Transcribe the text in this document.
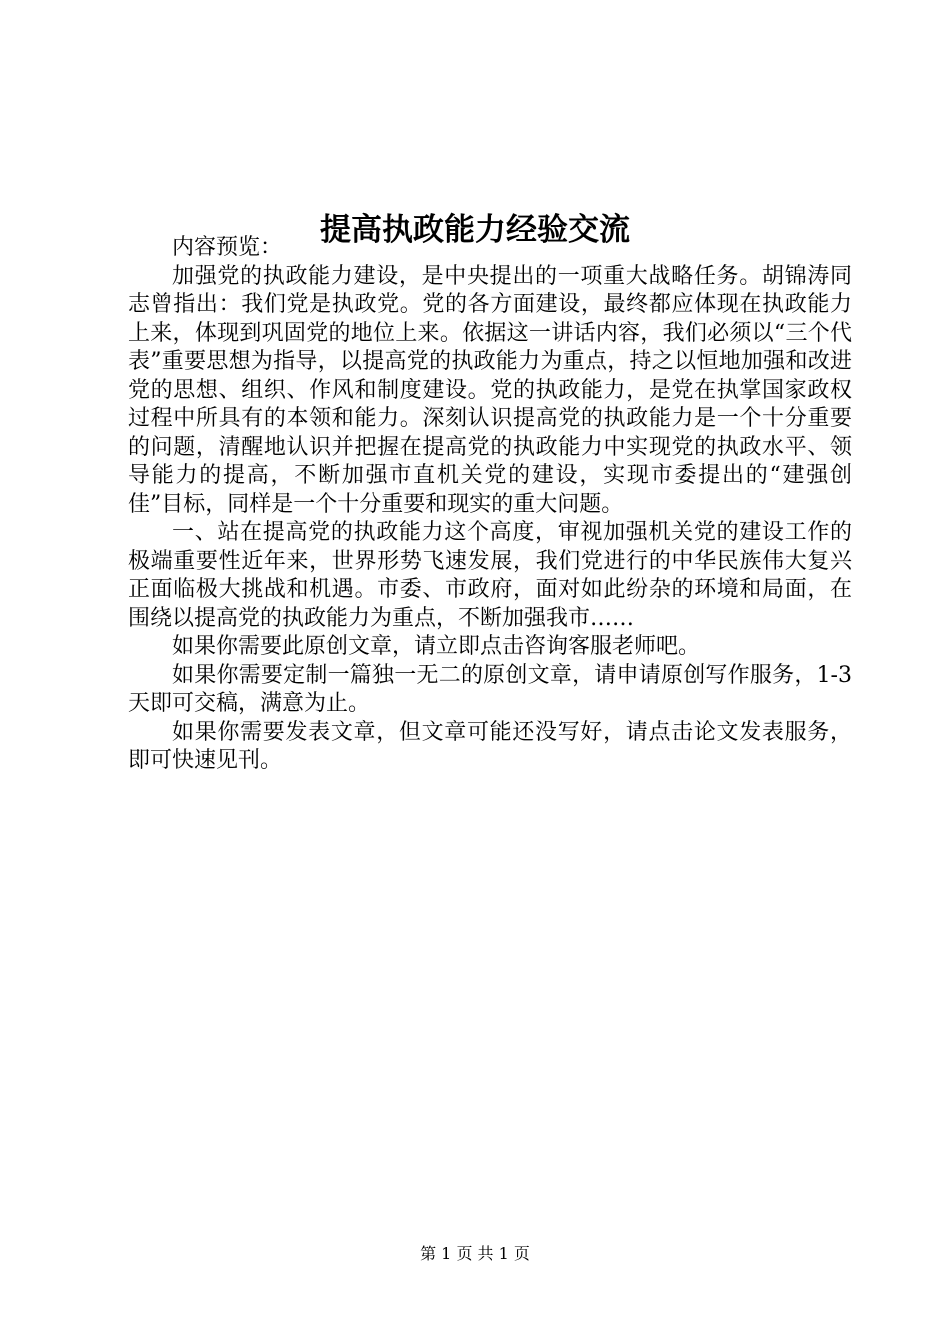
提高执政能力经验交流

内容预览：

加强党的执政能力建设，是中央提出的一项重大战略任务。胡锦涛同志曾指出：我们党是执政党。党的各方面建设，最终都应体现在执政能力上来，体现到巩固党的地位上来。依据这一讲话内容，我们必须以“三个代表”重要思想为指导，以提高党的执政能力为重点，持之以恒地加强和改进党的思想、组织、作风和制度建设。党的执政能力，是党在执掌国家政权过程中所具有的本领和能力。深刻认识提高党的执政能力是一个十分重要的问题，清醒地认识并把握在提高党的执政能力中实现党的执政水平、领导能力的提高，不断加强市直机关党的建设，实现市委提出的“建强创佳”目标，同样是一个十分重要和现实的重大问题。

一、站在提高党的执政能力这个高度，审视加强机关党的建设工作的极端重要性近年来，世界形势飞速发展，我们党进行的中华民族伟大复兴正面临极大挑战和机遇。市委、市政府，面对如此纷杂的环境和局面，在围绕以提高党的执政能力为重点，不断加强我市……

如果你需要此原创文章，请立即点击咨询客服老师吧。

如果你需要定制一篇独一无二的原创文章，请申请原创写作服务，1-3天即可交稿，满意为止。

如果你需要发表文章，但文章可能还没写好，请点击论文发表服务，即可快速见刊。

第 1 页 共 1 页
